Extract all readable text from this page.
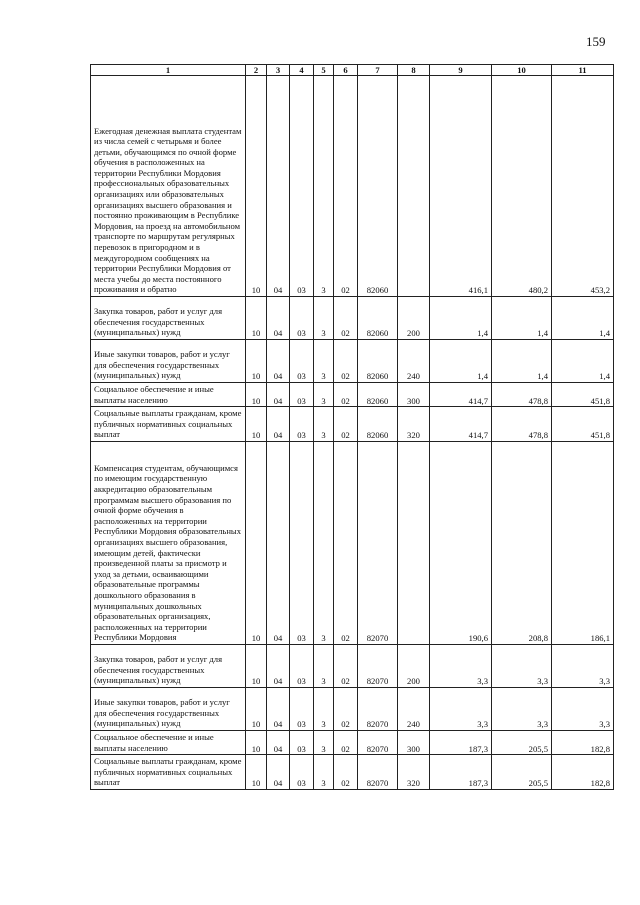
159
1	2	3	4	5	6	7	8	9	10	11
Ежегодная денежная выплата студентам из числа семей с четырьмя и более детьми, обучающимся по очной форме обучения в расположенных на территории Республики Мордовия профессиональных образовательных организациях или образовательных организациях высшего образования и постоянно проживающим в Республике Мордовия, на проезд на автомобильном транспорте по маршрутам регулярных перевозок в пригородном и в междугородном сообщениях на территории Республики Мордовия от места учебы до места постоянного проживания и обратно	10	04	03	3	02	82060		416,1	480,2	453,2
Закупка товаров, работ и услуг для обеспечения государственных (муниципальных) нужд	10	04	03	3	02	82060	200	1,4	1,4	1,4
Иные закупки товаров, работ и услуг для обеспечения государственных (муниципальных) нужд	10	04	03	3	02	82060	240	1,4	1,4	1,4
Социальное обеспечение и иные выплаты населению	10	04	03	3	02	82060	300	414,7	478,8	451,8
Социальные выплаты гражданам, кроме публичных нормативных социальных выплат	10	04	03	3	02	82060	320	414,7	478,8	451,8
Компенсация студентам, обучающимся по имеющим государственную аккредитацию образовательным программам высшего образования по очной форме обучения в расположенных на территории Республики Мордовия образовательных организациях высшего образования, имеющим детей, фактически произведенной платы за присмотр и уход за детьми, осваивающими образовательные программы дошкольного образования в муниципальных дошкольных образовательных организациях, расположенных на территории Республики Мордовия	10	04	03	3	02	82070		190,6	208,8	186,1
Закупка товаров, работ и услуг для обеспечения государственных (муниципальных) нужд	10	04	03	3	02	82070	200	3,3	3,3	3,3
Иные закупки товаров, работ и услуг для обеспечения государственных (муниципальных) нужд	10	04	03	3	02	82070	240	3,3	3,3	3,3
Социальное обеспечение и иные выплаты населению	10	04	03	3	02	82070	300	187,3	205,5	182,8
Социальные выплаты гражданам, кроме публичных нормативных социальных выплат	10	04	03	3	02	82070	320	187,3	205,5	182,8
